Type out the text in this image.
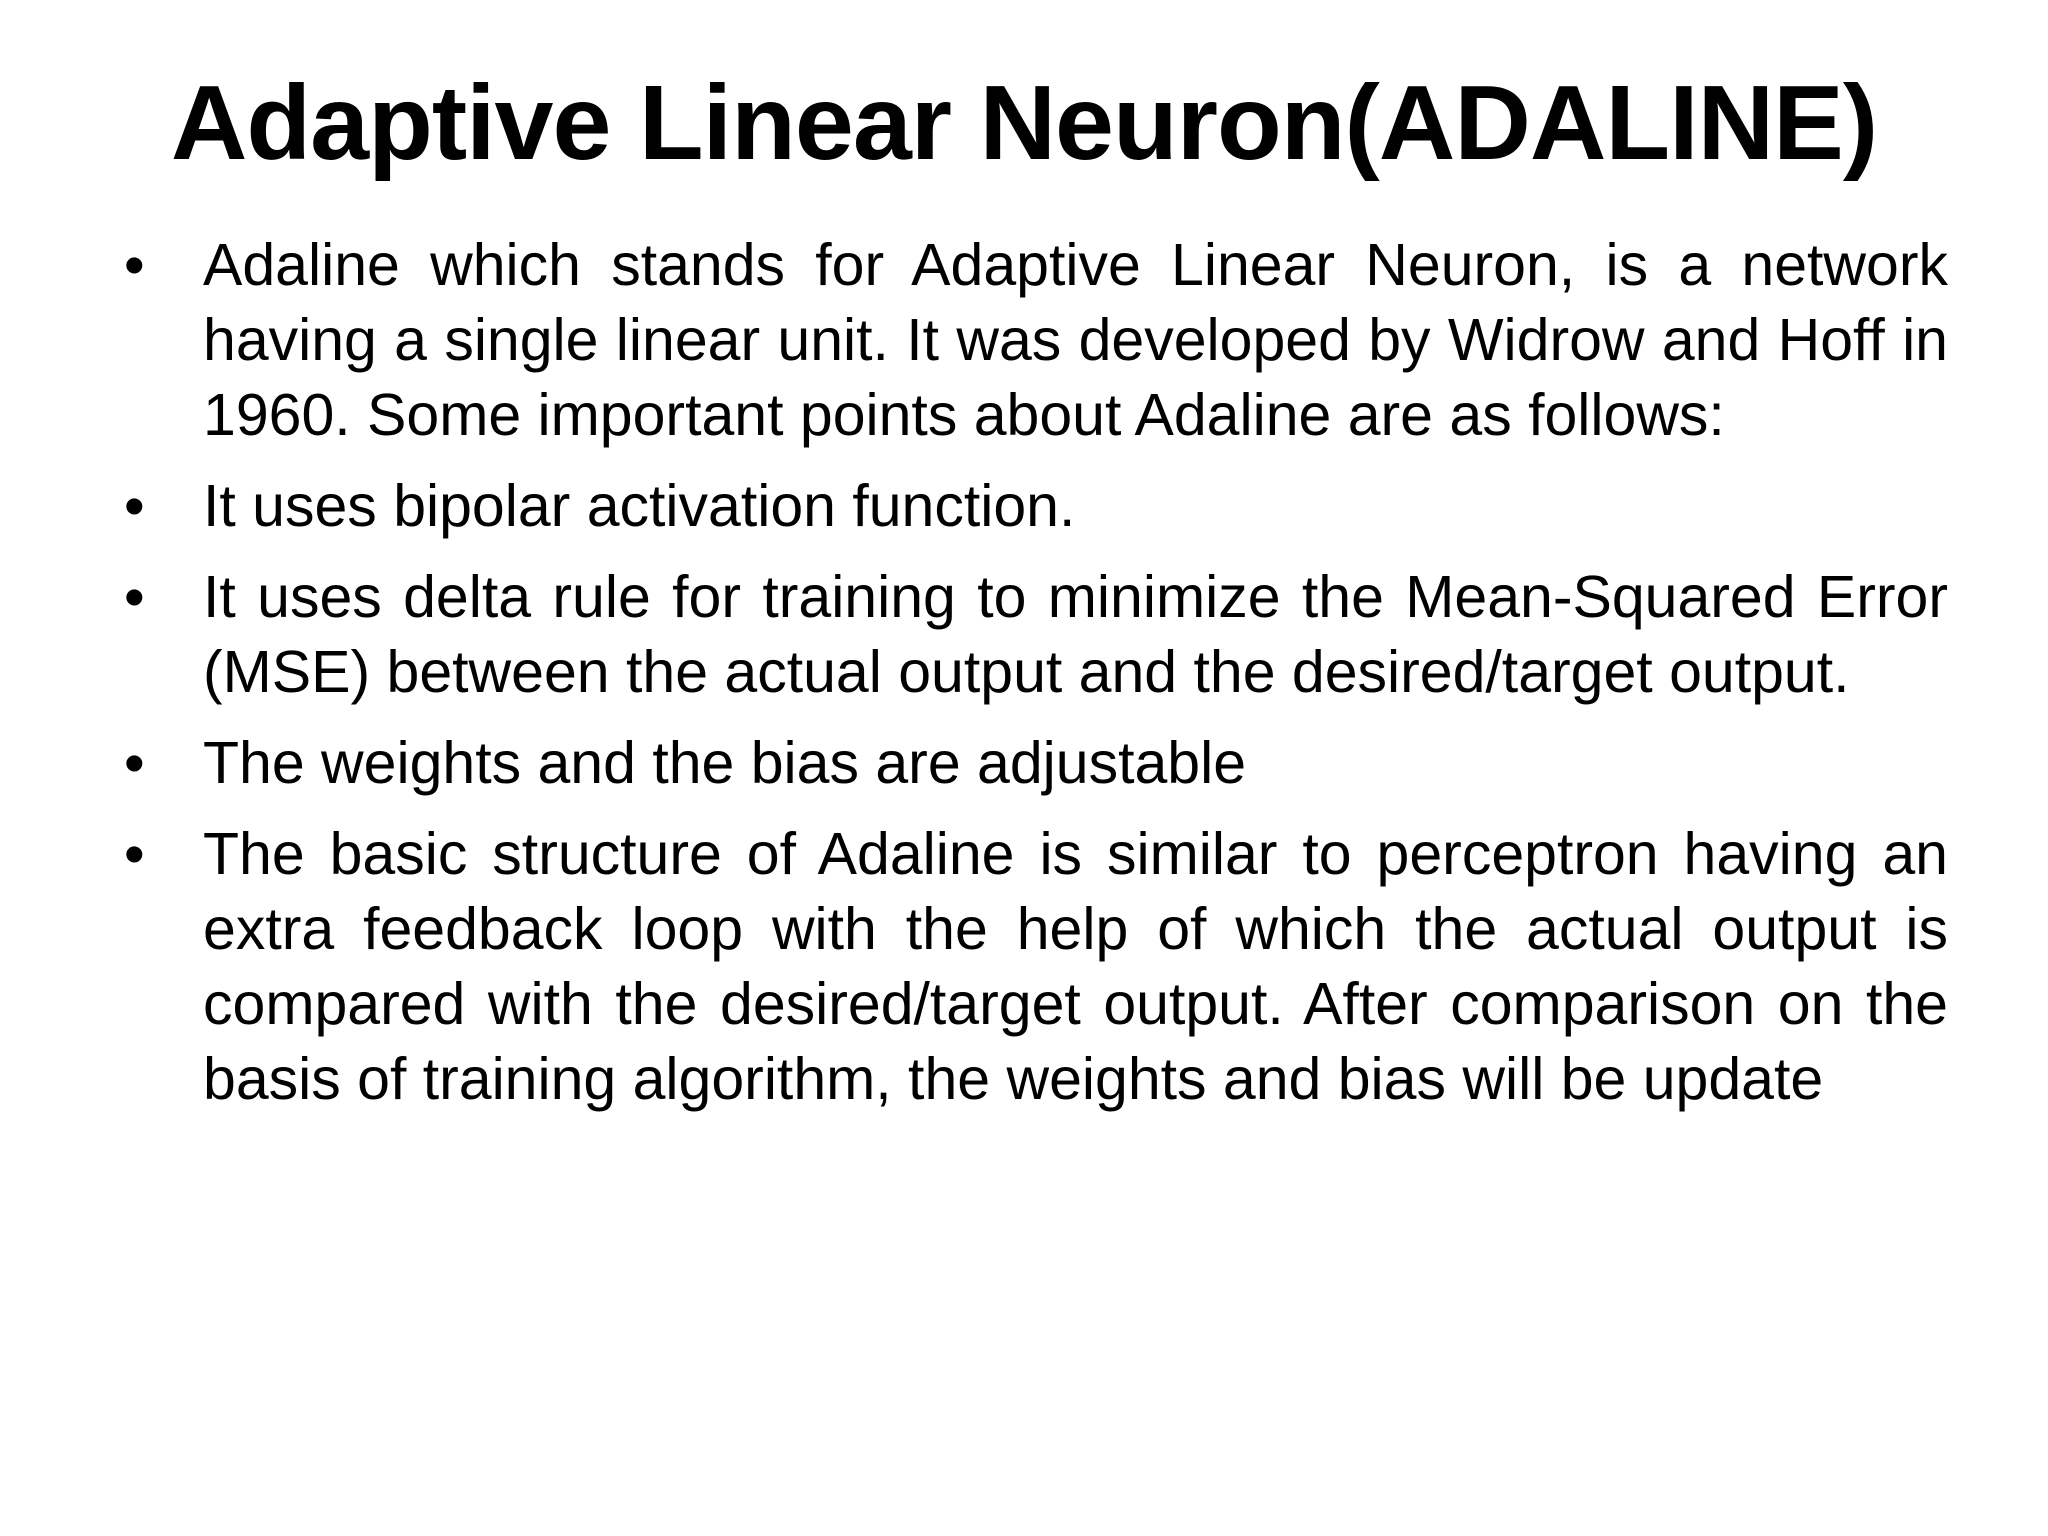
Adaptive Linear Neuron(ADALINE)
• Adaline which stands for Adaptive Linear Neuron, is a network having a single linear unit. It was developed by Widrow and Hoff in 1960. Some important points about Adaline are as follows:
• It uses bipolar activation function.
• It uses delta rule for training to minimize the Mean-Squared Error (MSE) between the actual output and the desired/target output.
• The weights and the bias are adjustable
• The basic structure of Adaline is similar to perceptron having an extra feedback loop with the help of which the actual output is compared with the desired/target output. After comparison on the basis of training algorithm, the weights and bias will be update
